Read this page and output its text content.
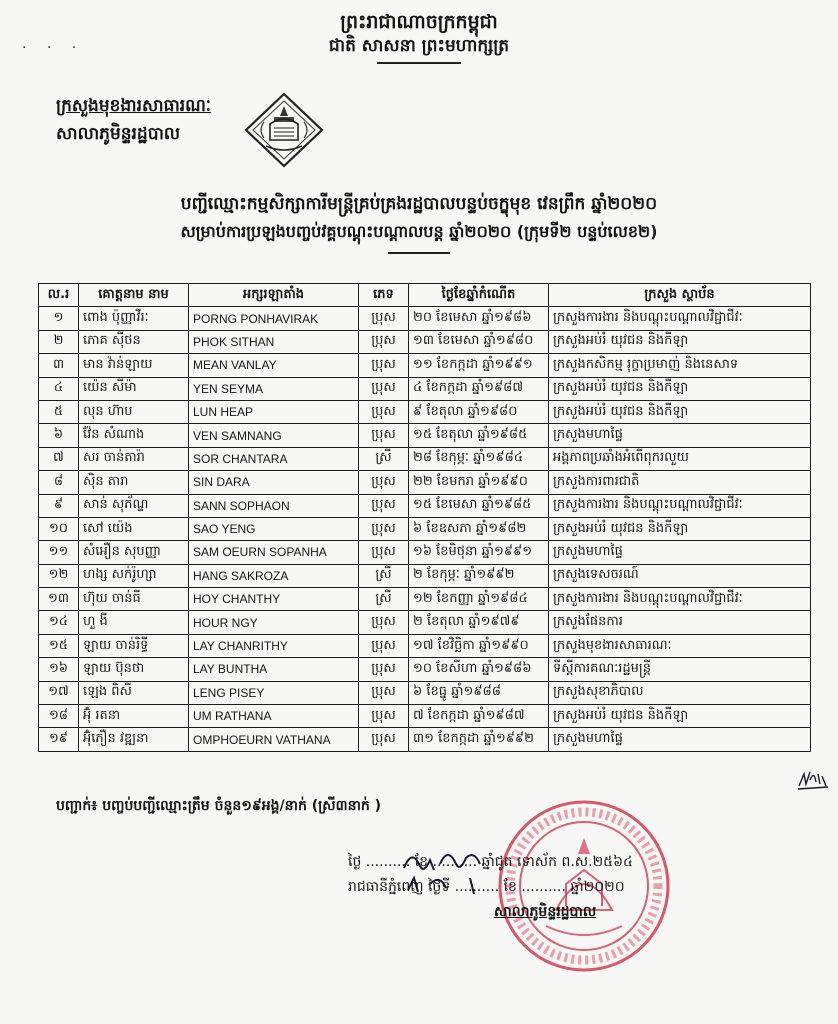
ព្រះរាជាណាចក្រកម្ពុជា
ជាតិ សាសនា ព្រះមហាក្សត្រ
· · ·
ក្រសួងមុខងារសាធារណៈ
សាលាភូមិន្ទរដ្ឋបាល
បញ្ជីឈ្មោះកម្មសិក្សាការីមន្ត្រីគ្រប់គ្រងរដ្ឋបាលបន្ទប់ចក្ខុមុខ វេនព្រឹក ឆ្នាំ២០២០
សម្រាប់ការប្រឡងបញ្ចប់វគ្គបណ្តុះបណ្តាលបន្ត ឆ្នាំ២០២០ (ក្រុមទី២ បន្ទប់លេខ២)
ល.រ	គោត្តនាម នាម	អក្សរឡាតាំង	ភេទ	ថ្ងៃខែឆ្នាំកំណើត	ក្រសួង ស្ថាប័ន
១	ពោង ប៉ុញ្ញាវីរៈ	PORNG PONHAVIRAK	ប្រុស	២០ ខែមេសា ឆ្នាំ១៩៨៦	ក្រសួងការងារ និងបណ្តុះបណ្តាលវិជ្ជាជីវៈ
២	ភោគ ស៊ីថន	PHOK SITHAN	ប្រុស	១៣ ខែមេសា ឆ្នាំ១៩៨០	ក្រសួងអប់រំ យុវជន និងកីឡា
៣	មាន វ៉ាន់ឡាយ	MEAN VANLAY	ប្រុស	១១ ខែកក្កដា ឆ្នាំ១៩៩១	ក្រសួងកសិកម្ម រុក្ខាប្រមាញ់ និងនេសាទ
៤	យ៉េន សីម៉ា	YEN SEYMA	ប្រុស	៤ ខែកក្កដា ឆ្នាំ១៩៨៧	ក្រសួងអប់រំ យុវជន និងកីឡា
៥	លុន ហ៊ាប	LUN HEAP	ប្រុស	៩ ខែតុលា ឆ្នាំ១៩៨០	ក្រសួងអប់រំ យុវជន និងកីឡា
៦	វ៉ែន សំណាង	VEN SAMNANG	ប្រុស	១៥ ខែតុលា ឆ្នាំ១៩៨៥	ក្រសួងមហាផ្ទៃ
៧	សរ ចាន់តារ៉ា	SOR CHANTARA	ស្រី	២៨ ខែកុម្ភៈ ឆ្នាំ១៩៨៤	អង្គភាពប្រឆាំងអំពើពុករលួយ
៨	ស៊ិន តារា	SIN DARA	ប្រុស	២២ ខែមករា ឆ្នាំ១៩៩០	ក្រសួងការពារជាតិ
៩	សាន់ សុភ័ណ្ឌ	SANN SOPHAON	ប្រុស	១៥ ខែមេសា ឆ្នាំ១៩៨៥	ក្រសួងការងារ និងបណ្តុះបណ្តាលវិជ្ជាជីវៈ
១០	សៅ យ៉េង	SAO YENG	ប្រុស	៦ ខែឧសភា ឆ្នាំ១៩៨២	ក្រសួងអប់រំ យុវជន និងកីឡា
១១	សំអឿន សុបញ្ញា	SAM OEURN SOPANHA	ប្រុស	១៦ ខែមិថុនា ឆ្នាំ១៩៩១	ក្រសួងមហាផ្ទៃ
១២	ហង្ស សក់រ៉ូហ្សា	HANG SAKROZA	ស្រី	២ ខែកុម្ភៈ ឆ្នាំ១៩៩២	ក្រសួងទេសចរណ៍
១៣	ហ៊ុយ ចាន់ធី	HOY CHANTHY	ស្រី	១២ ខែកញ្ញា ឆ្នាំ១៩៨៤	ក្រសួងការងារ និងបណ្តុះបណ្តាលវិជ្ជាជីវៈ
១៤	ហួ ងី	HOUR NGY	ប្រុស	២ ខែតុលា ឆ្នាំ១៩៧៩	ក្រសួងផែនការ
១៥	ឡាយ ចាន់រិទ្ធី	LAY CHANRITHY	ប្រុស	១៧ ខែវិច្ឆិកា ឆ្នាំ១៩៩០	ក្រសួងមុខងារសាធារណៈ
១៦	ឡាយ ប៊ុនថា	LAY BUNTHA	ប្រុស	១០ ខែសីហា ឆ្នាំ១៩៨៦	ទីស្តីការគណៈរដ្ឋមន្ត្រី
១៧	ឡេង ពិសី	LENG PISEY	ប្រុស	៦ ខែធ្នូ ឆ្នាំ១៩៨៨	ក្រសួងសុខាភិបាល
១៨	អ៊ុំ រតនា	UM RATHANA	ប្រុស	៧ ខែកក្កដា ឆ្នាំ១៩៨៧	ក្រសួងអប់រំ យុវជន និងកីឡា
១៩	អ៊ុំភឿន វឌ្ឍនា	OMPHOEURN VATHANA	ប្រុស	៣១ ខែកក្កដា ឆ្នាំ១៩៩២	ក្រសួងមហាផ្ទៃ
បញ្ជាក់៖ បញ្ចប់បញ្ជីឈ្មោះត្រឹម ចំនួន១៩អង្គ/នាក់ (ស្រី៣នាក់ )
ថ្ងៃ .......... ខែ .......... ឆ្នាំជូត ទោស័ក ព.ស.២៥៦៤
រាជធានីភ្នំពេញ ថ្ងៃទី .......... ខែ .......... ឆ្នាំ២០២០
សាលាភូមិន្ទរដ្ឋបាល
